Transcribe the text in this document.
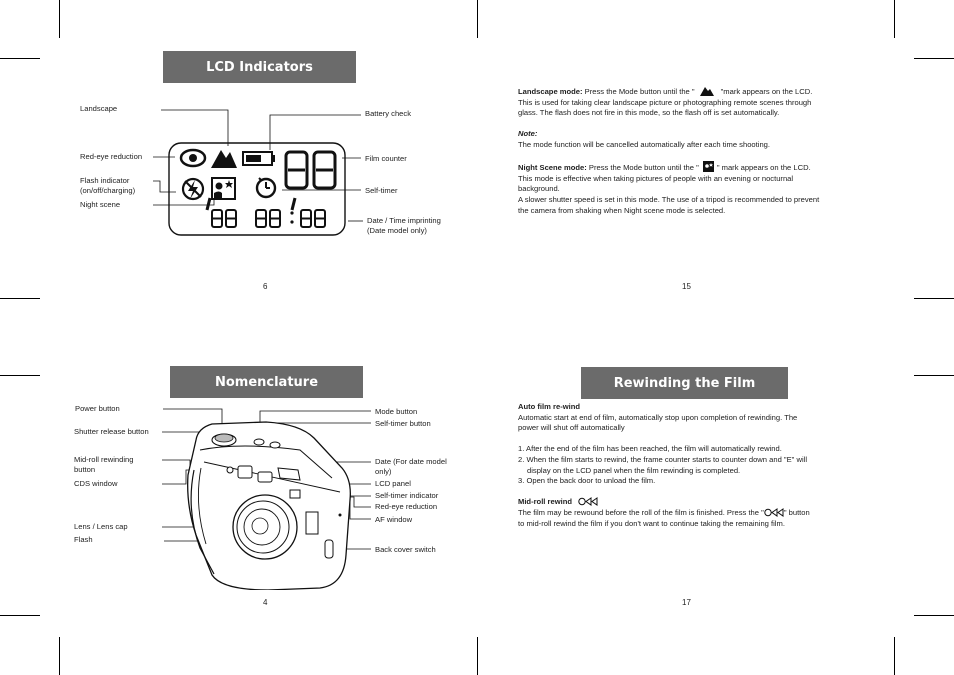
LCD Indicators
Landscape
Red-eye reduction
Flash indicator
(on/off/charging)
Night scene
Battery check
Film counter
Self-timer
Date / Time imprinting
(Date model only)
6

Landscape mode: Press the Mode button until the "	"mark appears on the LCD.

This is used for taking clear landscape picture or photographing remote scenes through

glass. The flash does not fire in this mode, so the flash off is set automatically.

Note:

The mode function will be cancelled automatically after each time shooting.

Night Scene mode: Press the Mode button until the " " mark appears on the LCD.

This mode is effective when taking pictures of people with an evening or nocturnal

background.

A slower shutter speed is set in this mode. The use of a tripod is recommended to prevent

the camera from shaking when Night scene mode is selected.

15
Nomenclature
Power button
Shutter release button
Mid-roll rewinding
button
CDS window
Lens / Lens cap
Flash
Mode button
Self-timer button
Date (For date model
only)
LCD panel
Self-timer indicator
Red-eye reduction
AF window
Back cover switch
4
Rewinding the Film

Auto film re-wind

Automatic start at end of film, automatically stop upon completion of rewinding. The

power will shut off automatically

1. After the end of the film has been reached, the film will automatically rewind.

2. When the film starts to rewind, the frame counter starts to counter down and "E" will

display on the LCD panel when the film rewinding is completed.

3. Open the back door to unload the film.

Mid-roll rewind

The film may be rewound before the roll of the film is finished. Press the "	" button

to mid-roll rewind the film if you don't want to continue taking the remaining film.

17
